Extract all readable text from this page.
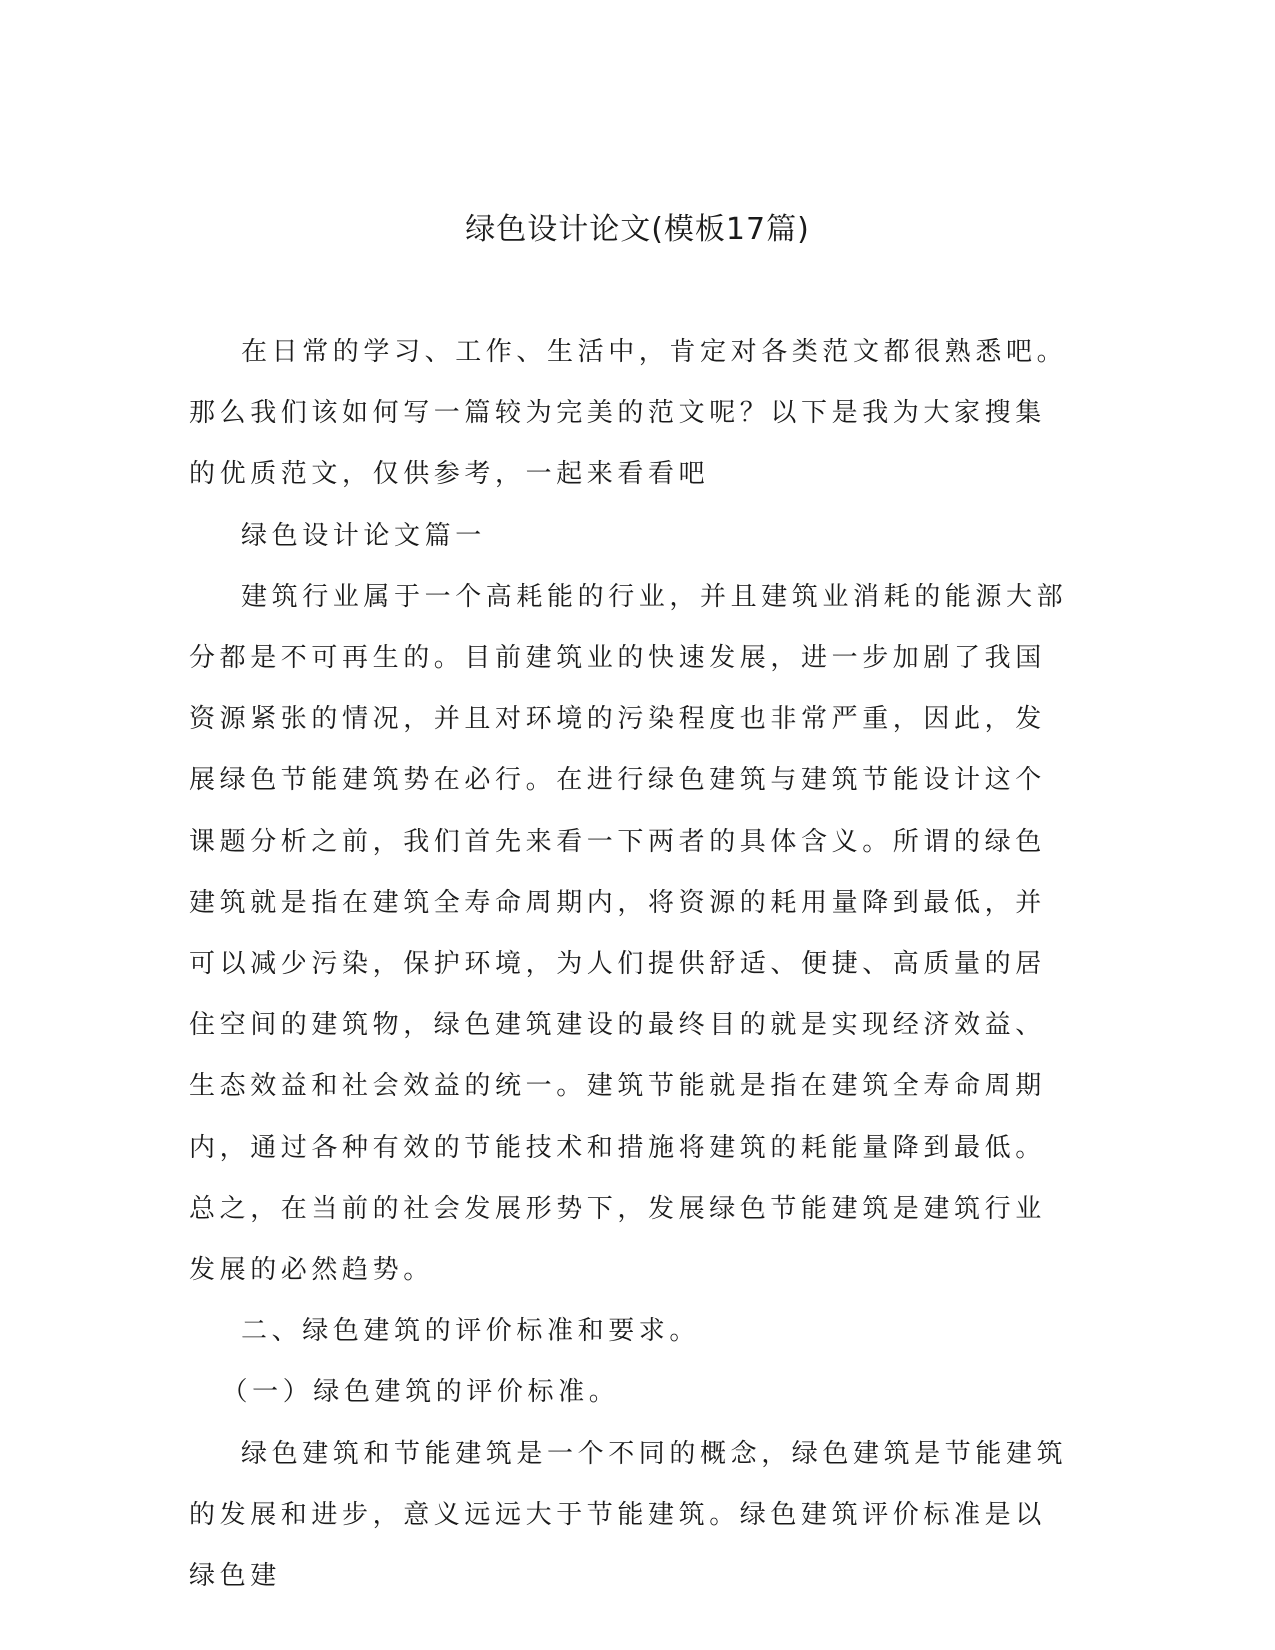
绿色设计论文(模板17篇)

在日常的学习、工作、生活中，肯定对各类范文都很熟悉吧。那么我们该如何写一篇较为完美的范文呢？以下是我为大家搜集的优质范文，仅供参考，一起来看看吧

绿色设计论文篇一

建筑行业属于一个高耗能的行业，并且建筑业消耗的能源大部分都是不可再生的。目前建筑业的快速发展，进一步加剧了我国资源紧张的情况，并且对环境的污染程度也非常严重，因此，发展绿色节能建筑势在必行。在进行绿色建筑与建筑节能设计这个课题分析之前，我们首先来看一下两者的具体含义。所谓的绿色建筑就是指在建筑全寿命周期内，将资源的耗用量降到最低，并可以减少污染，保护环境，为人们提供舒适、便捷、高质量的居住空间的建筑物，绿色建筑建设的最终目的就是实现经济效益、生态效益和社会效益的统一。建筑节能就是指在建筑全寿命周期内，通过各种有效的节能技术和措施将建筑的耗能量降到最低。总之，在当前的社会发展形势下，发展绿色节能建筑是建筑行业发展的必然趋势。

二、绿色建筑的评价标准和要求。

（一）绿色建筑的评价标准。

绿色建筑和节能建筑是一个不同的概念，绿色建筑是节能建筑的发展和进步，意义远远大于节能建筑。绿色建筑评价标准是以绿色建
